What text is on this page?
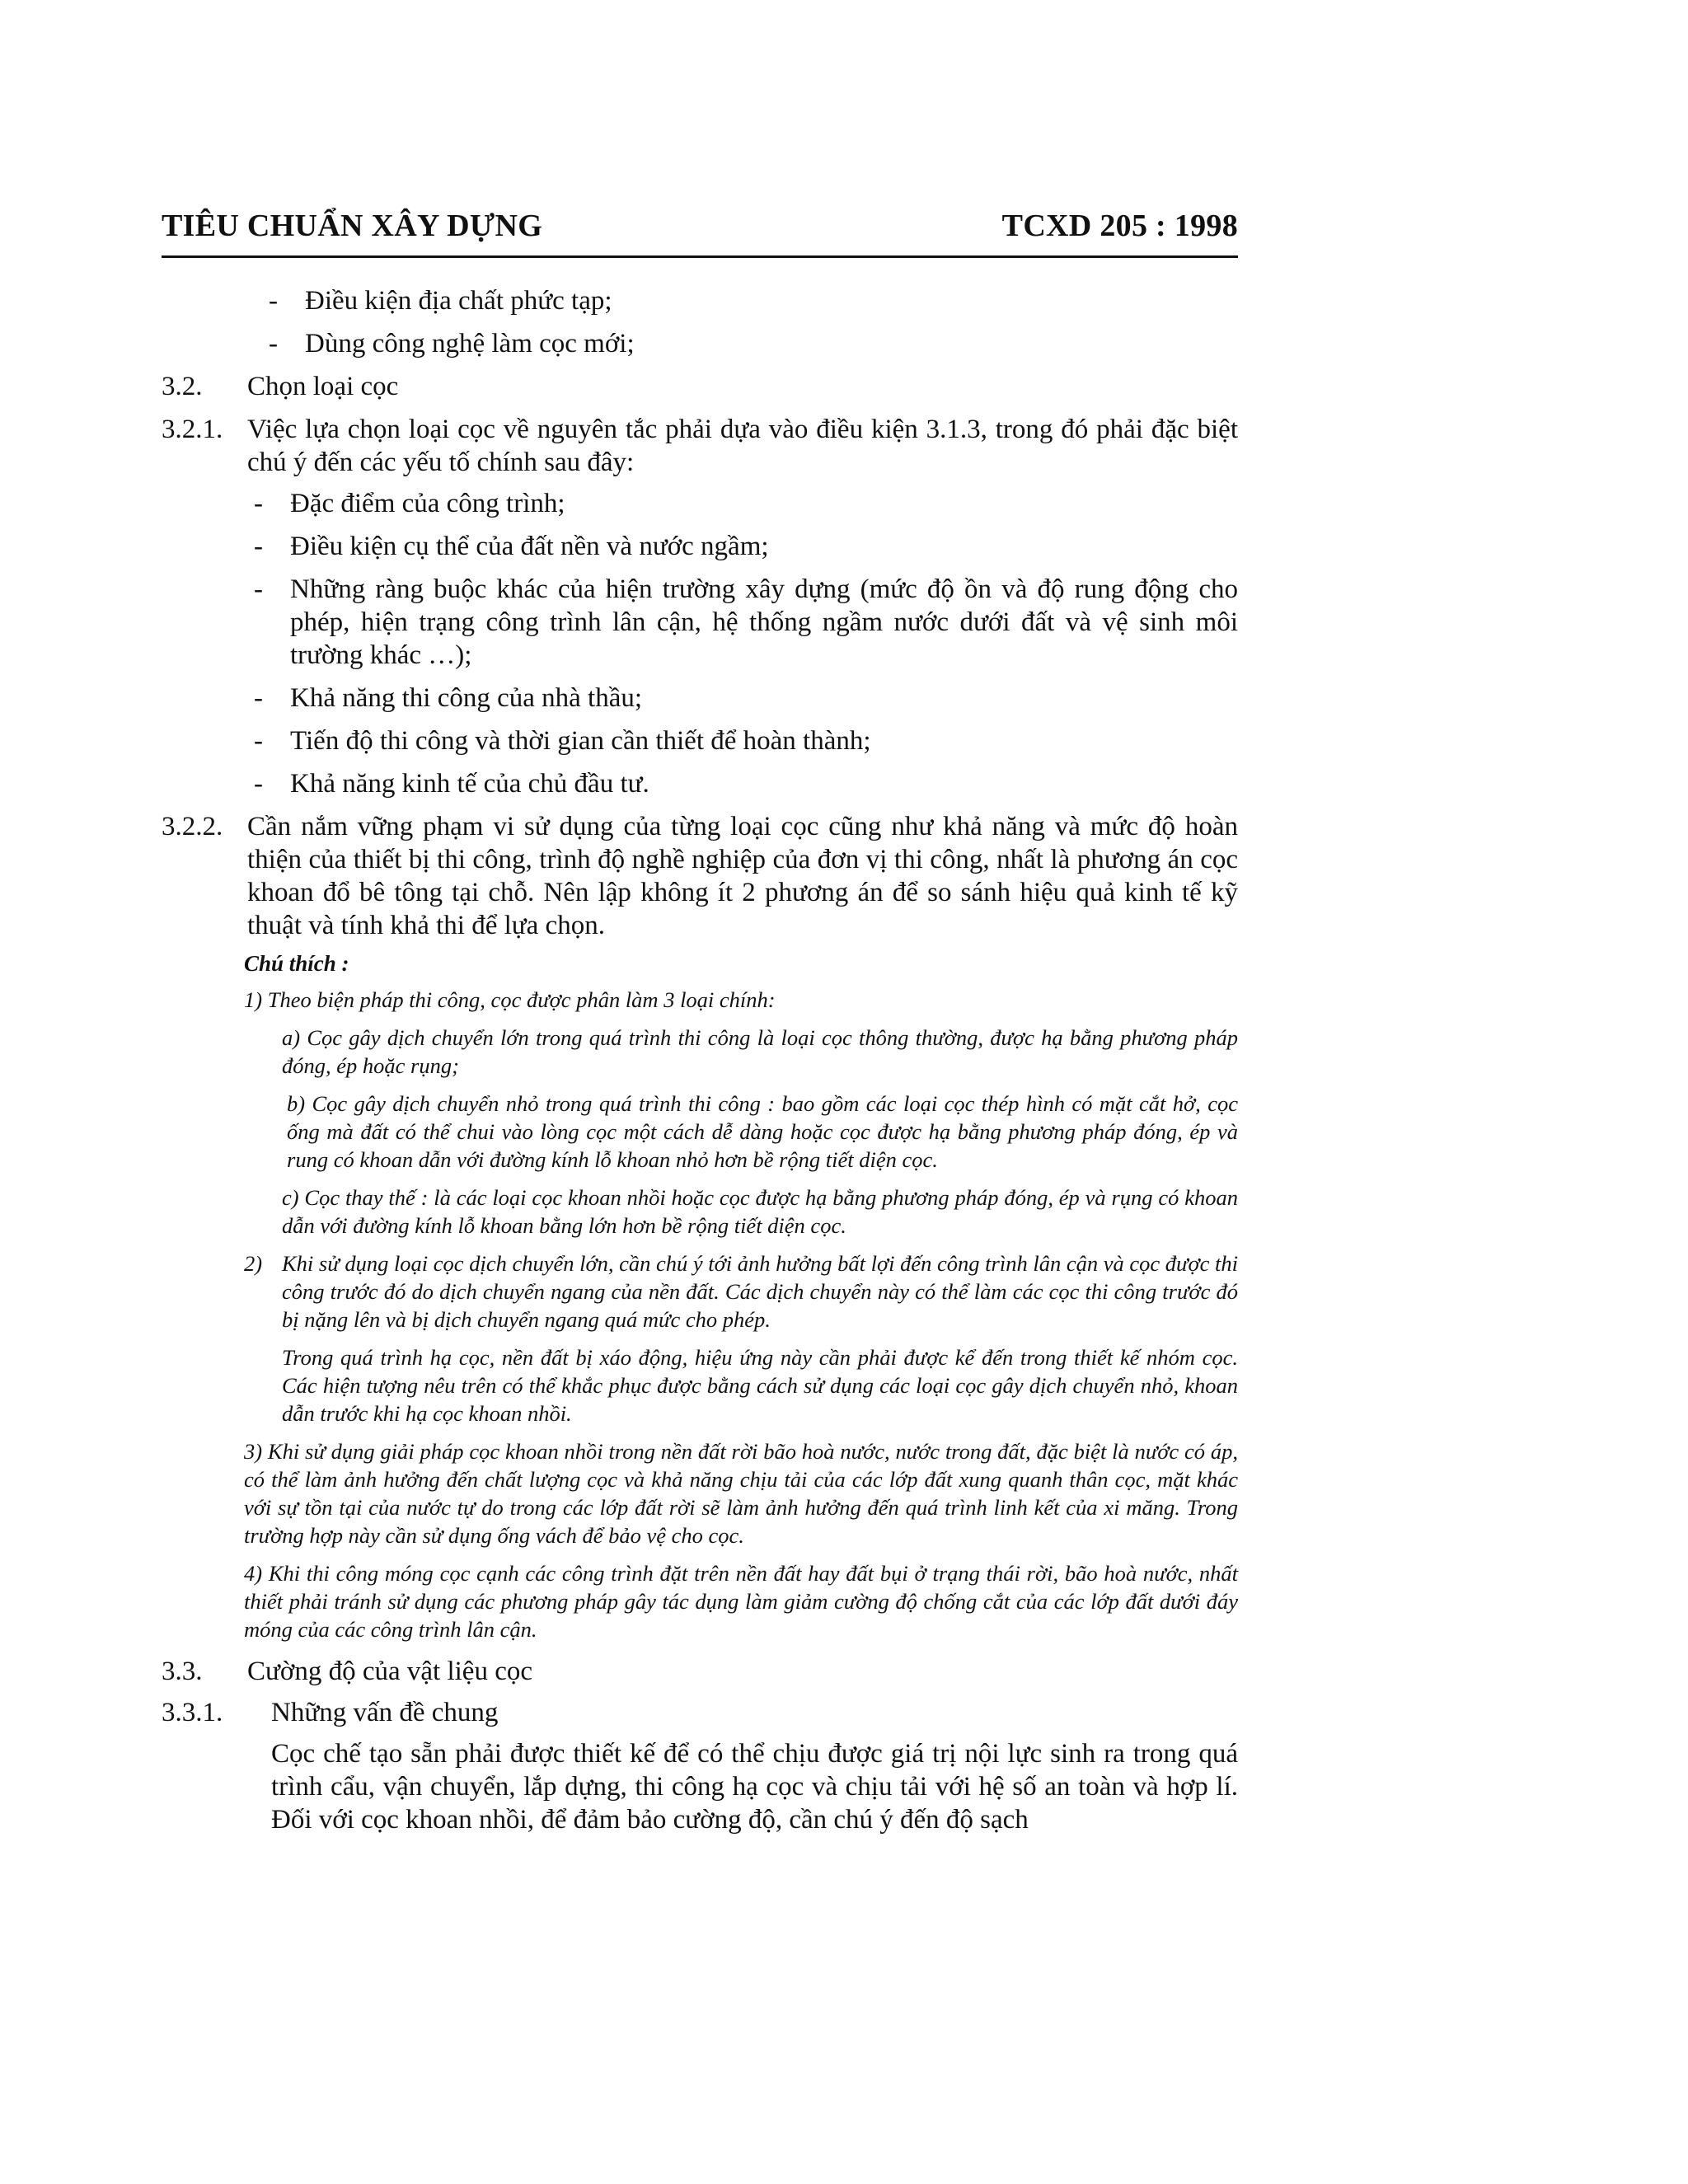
TIÊU CHUẨN XÂY DỰNG	TCXD 205 : 1998
- Điều kiện địa chất phức tạp;
- Dùng công nghệ làm cọc mới;
3.2.	Chọn loại cọc

3.2.1. Việc lựa chọn loại cọc về nguyên tắc phải dựa vào điều kiện 3.1.3, trong đó phải đặc biệt chú ý đến các yếu tố chính sau đây:

- Đặc điểm của công trình;
- Điều kiện cụ thể của đất nền và nước ngầm;
- Những ràng buộc khác của hiện trường xây dựng (mức độ ồn và độ rung động cho phép, hiện trạng công trình lân cận, hệ thống ngầm nước dưới đất và vệ sinh môi trường khác …);
- Khả năng thi công của nhà thầu;
- Tiến độ thi công và thời gian cần thiết để hoàn thành;
- Khả năng kinh tế của chủ đầu tư.
3.2.2. Cần nắm vững phạm vi sử dụng của từng loại cọc cũng như khả năng và mức độ hoàn thiện của thiết bị thi công, trình độ nghề nghiệp của đơn vị thi công, nhất là phương án cọc khoan đổ bê tông tại chỗ. Nên lập không ít 2 phương án để so sánh hiệu quả kinh tế kỹ thuật và tính khả thi để lựa chọn.

Chú thích :
1) Theo biện pháp thi công, cọc được phân làm 3 loại chính:
a) Cọc gây dịch chuyển lớn trong quá trình thi công là loại cọc thông thường, được hạ bằng phương pháp đóng, ép hoặc rụng;
b) Cọc gây dịch chuyển nhỏ trong quá trình thi công : bao gồm các loại cọc thép hình có mặt cắt hở, cọc ống mà đất có thể chui vào lòng cọc một cách dễ dàng hoặc cọc được hạ bằng phương pháp đóng, ép và rung có khoan dẫn với đường kính lỗ khoan nhỏ hơn bề rộng tiết diện cọc.
c) Cọc thay thế : là các loại cọc khoan nhồi hoặc cọc được hạ bằng phương pháp đóng, ép và rụng có khoan dẫn với đường kính lỗ khoan bằng lớn hơn bề rộng tiết diện cọc.
2) Khi sử dụng loại cọc dịch chuyển lớn, cần chú ý tới ảnh hưởng bất lợi đến công trình lân cận và cọc được thi công trước đó do dịch chuyển ngang của nền đất. Các dịch chuyển này có thể làm các cọc thi công trước đó bị nặng lên và bị dịch chuyển ngang quá mức cho phép.
Trong quá trình hạ cọc, nền đất bị xáo động, hiệu ứng này cần phải được kể đến trong thiết kế nhóm cọc. Các hiện tượng nêu trên có thể khắc phục được bằng cách sử dụng các loại cọc gây dịch chuyển nhỏ, khoan dẫn trước khi hạ cọc khoan nhồi.
3) Khi sử dụng giải pháp cọc khoan nhồi trong nền đất rời bão hoà nước, nước trong đất, đặc biệt là nước có áp, có thể làm ảnh hưởng đến chất lượng cọc và khả năng chịu tải của các lớp đất xung quanh thân cọc, mặt khác với sự tồn tại của nước tự do trong các lớp đất rời sẽ làm ảnh hưởng đến quá trình linh kết của xi măng. Trong trường hợp này cần sử dụng ống vách để bảo vệ cho cọc.
4) Khi thi công móng cọc cạnh các công trình đặt trên nền đất hay đất bụi ở trạng thái rời, bão hoà nước, nhất thiết phải tránh sử dụng các phương pháp gây tác dụng làm giảm cường độ chống cắt của các lớp đất dưới đáy móng của các công trình lân cận.
3.3.	Cường độ của vật liệu cọc

3.3.1.	Những vấn đề chung

Cọc chế tạo sẵn phải được thiết kế để có thể chịu được giá trị nội lực sinh ra trong quá trình cẩu, vận chuyển, lắp dựng, thi công hạ cọc và chịu tải với hệ số an toàn và hợp lí. Đối với cọc khoan nhồi, để đảm bảo cường độ, cần chú ý đến độ sạch
